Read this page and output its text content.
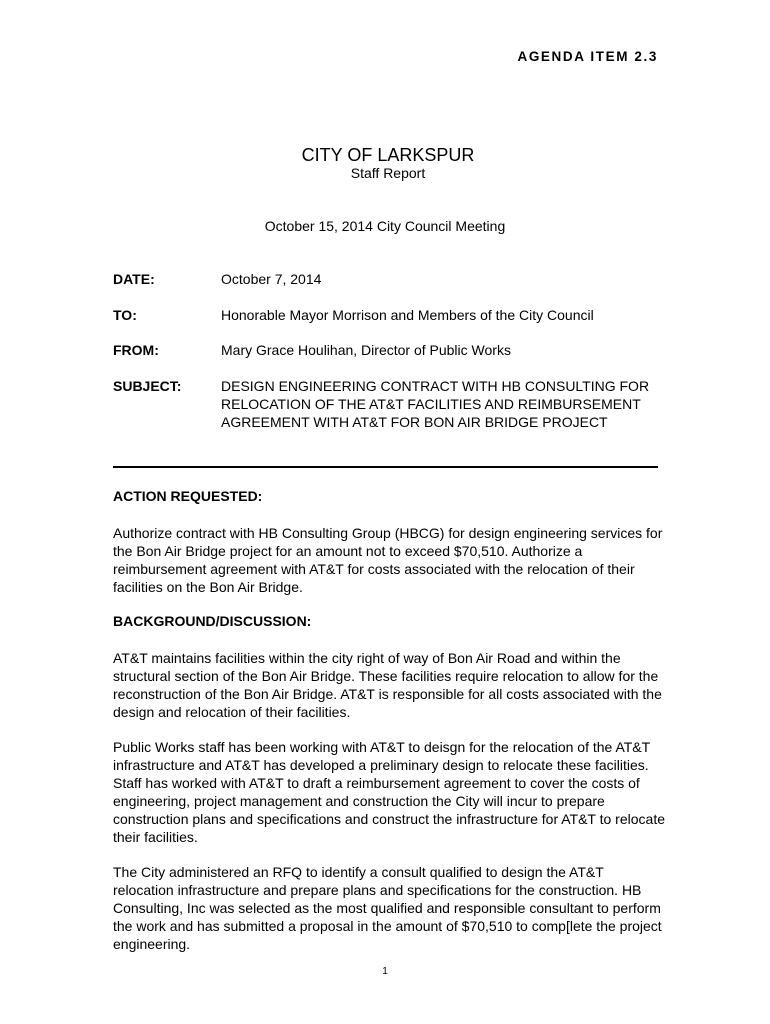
AGENDA ITEM 2.3
CITY OF LARKSPUR
Staff Report
October 15, 2014 City Council Meeting
DATE:	October 7, 2014
TO:	Honorable Mayor Morrison and Members of the City Council
FROM:	Mary Grace Houlihan, Director of Public Works
SUBJECT:	DESIGN ENGINEERING CONTRACT WITH HB CONSULTING FOR RELOCATION OF THE AT&T FACILITIES AND REIMBURSEMENT AGREEMENT WITH AT&T FOR BON AIR BRIDGE PROJECT
ACTION REQUESTED:

Authorize contract with HB Consulting Group (HBCG) for design engineering services for the Bon Air Bridge project for an amount not to exceed $70,510. Authorize a reimbursement agreement with AT&T for costs associated with the relocation of their facilities on the Bon Air Bridge.

BACKGROUND/DISCUSSION:

AT&T maintains facilities within the city right of way of Bon Air Road and within the structural section of the Bon Air Bridge. These facilities require relocation to allow for the reconstruction of the Bon Air Bridge. AT&T is responsible for all costs associated with the design and relocation of their facilities.

Public Works staff has been working with AT&T to deisgn for the relocation of the AT&T infrastructure and AT&T has developed a preliminary design to relocate these facilities. Staff has worked with AT&T to draft a reimbursement agreement to cover the costs of engineering, project management and construction the City will incur to prepare construction plans and specifications and construct the infrastructure for AT&T to relocate their facilities.

The City administered an RFQ to identify a consult qualified to design the AT&T relocation infrastructure and prepare plans and specifications for the construction. HB Consulting, Inc was selected as the most qualified and responsible consultant to perform the work and has submitted a proposal in the amount of $70,510 to comp[lete the project engineering.

1
